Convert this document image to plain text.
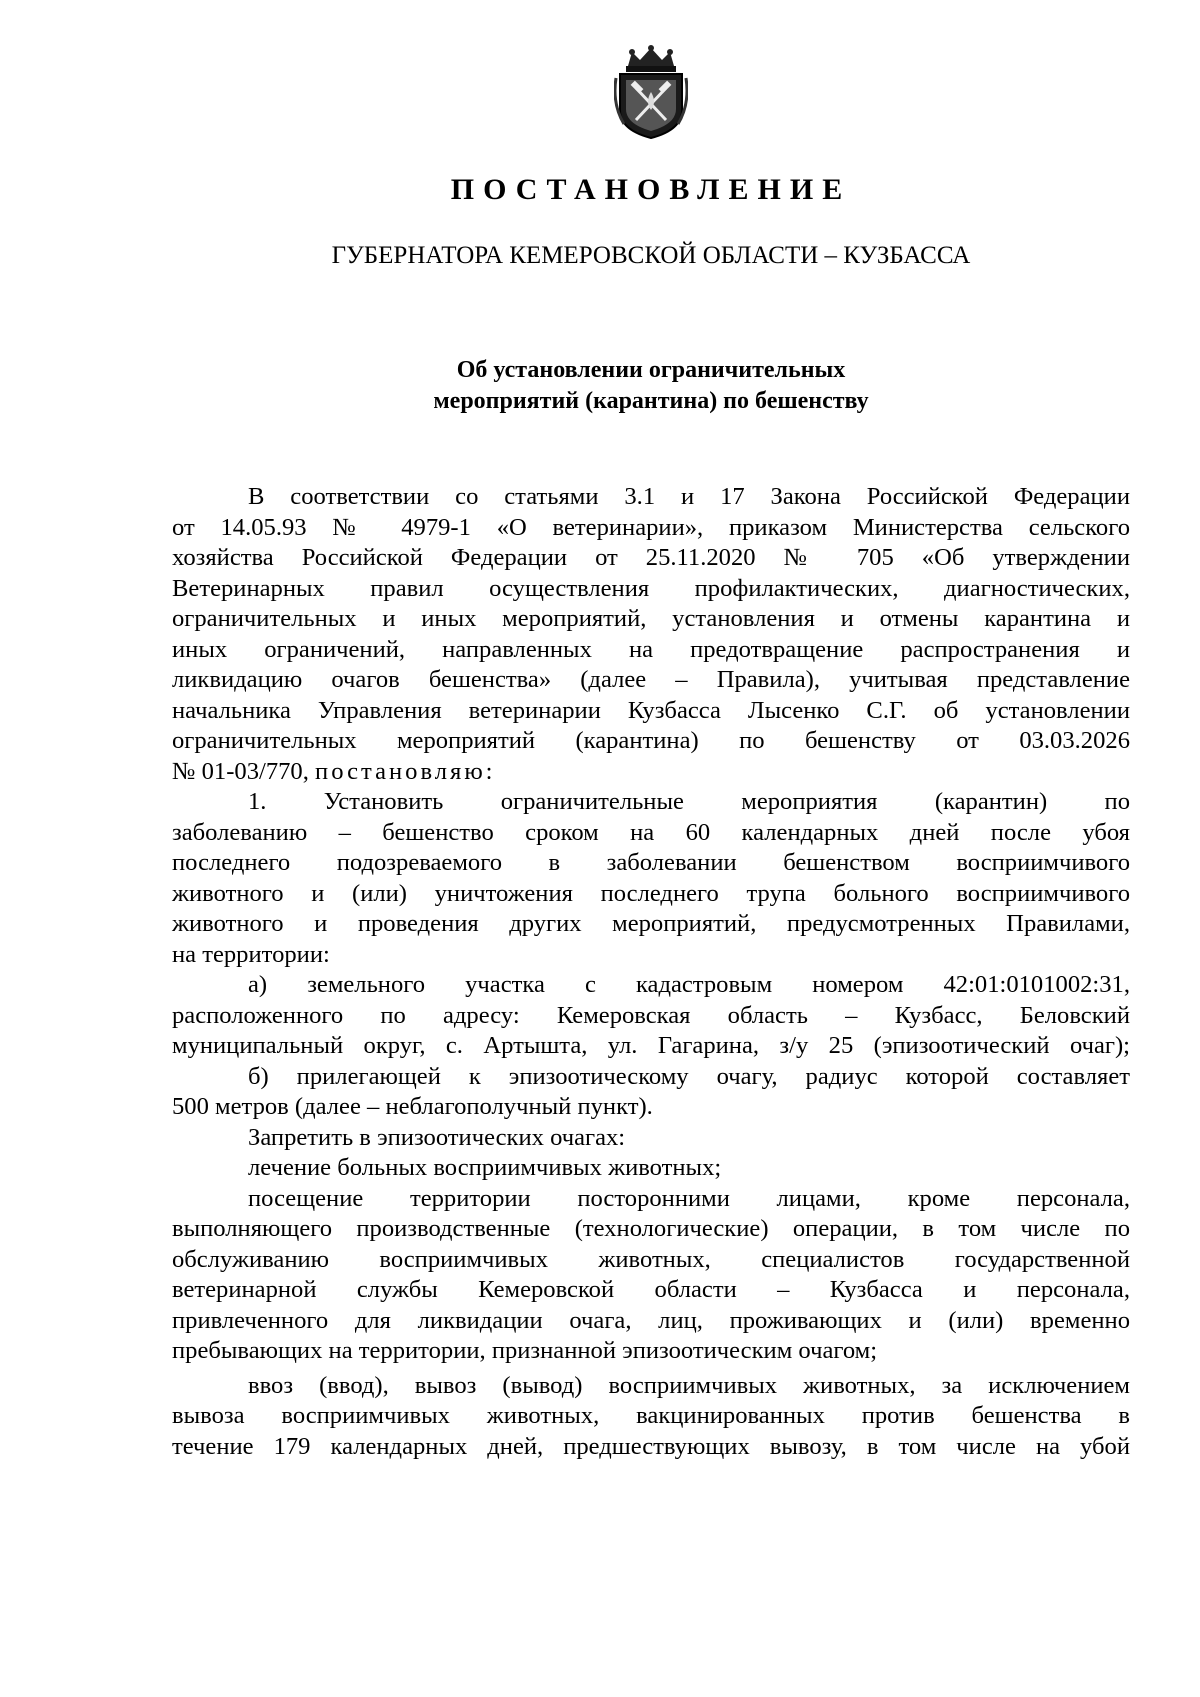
ПОСТАНОВЛЕНИЕ
ГУБЕРНАТОРА КЕМЕРОВСКОЙ ОБЛАСТИ – КУЗБАССА
Об установлении ограничительных
мероприятий (карантина) по бешенству
В соответствии со статьями 3.1 и 17 Закона Российской Федерации
от 14.05.93 № 4979-1 «О ветеринарии», приказом Министерства сельского
хозяйства Российской Федерации от 25.11.2020 № 705 «Об утверждении
Ветеринарных правил осуществления профилактических, диагностических,
ограничительных и иных мероприятий, установления и отмены карантина и
иных ограничений, направленных на предотвращение распространения и
ликвидацию очагов бешенства» (далее – Правила), учитывая представление
начальника Управления ветеринарии Кузбасса Лысенко С.Г. об установлении
ограничительных мероприятий (карантина) по бешенству от 03.03.2026
№ 01-03/770, постановляю:
1. Установить ограничительные мероприятия (карантин) по
заболеванию – бешенство сроком на 60 календарных дней после убоя
последнего подозреваемого в заболевании бешенством восприимчивого
животного и (или) уничтожения последнего трупа больного восприимчивого
животного и проведения других мероприятий, предусмотренных Правилами,
на территории:
а) земельного участка с кадастровым номером 42:01:0101002:31,
расположенного по адресу: Кемеровская область – Кузбасс, Беловский
муниципальный округ, с. Артышта, ул. Гагарина, з/у 25 (эпизоотический очаг);
б) прилегающей к эпизоотическому очагу, радиус которой составляет
500 метров (далее – неблагополучный пункт).
Запретить в эпизоотических очагах:
лечение больных восприимчивых животных;
посещение территории посторонними лицами, кроме персонала,
выполняющего производственные (технологические) операции, в том числе по
обслуживанию восприимчивых животных, специалистов государственной
ветеринарной службы Кемеровской области – Кузбасса и персонала,
привлеченного для ликвидации очага, лиц, проживающих и (или) временно
пребывающих на территории, признанной эпизоотическим очагом;
ввоз (ввод), вывоз (вывод) восприимчивых животных, за исключением
вывоза восприимчивых животных, вакцинированных против бешенства в
течение 179 календарных дней, предшествующих вывозу, в том числе на убой
